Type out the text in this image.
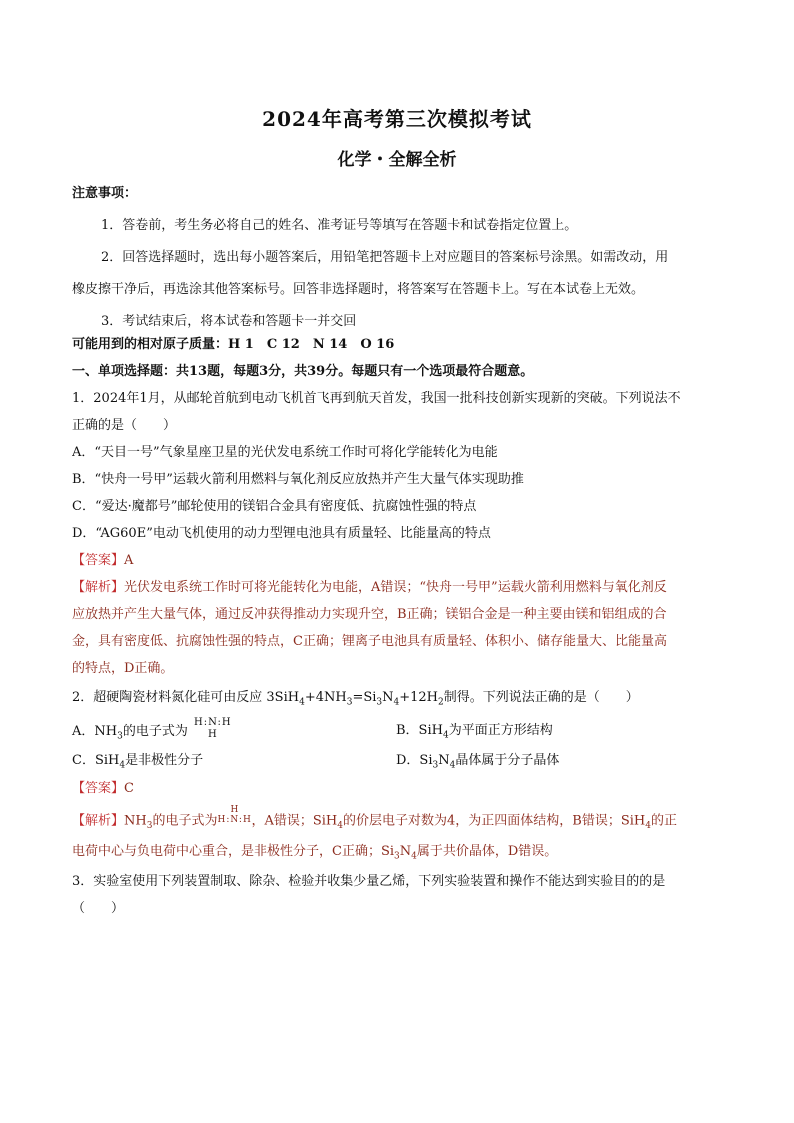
2024年高考第三次模拟考试
化学・全解全析
注意事项：
1．答卷前，考生务必将自己的姓名、准考证号等填写在答题卡和试卷指定位置上。
2．回答选择题时，选出每小题答案后，用铅笔把答题卡上对应题目的答案标号涂黑。如需改动，用
橡皮擦干净后，再选涂其他答案标号。回答非选择题时，将答案写在答题卡上。写在本试卷上无效。
3．考试结束后，将本试卷和答题卡一并交回
可能用到的相对原子质量：H 1　C 12　N 14　O 16
一、单项选择题：共13题，每题3分，共39分。每题只有一个选项最符合题意。
1．2024年1月，从邮轮首航到电动飞机首飞再到航天首发，我国一批科技创新实现新的突破。下列说法不
正确的是（　　）
A．“天目一号”气象星座卫星的光伏发电系统工作时可将化学能转化为电能
B．“快舟一号甲”运载火箭利用燃料与氧化剂反应放热并产生大量气体实现助推
C．“爱达·魔都号”邮轮使用的镁铝合金具有密度低、抗腐蚀性强的特点
D．“AG60E”电动飞机使用的动力型锂电池具有质量轻、比能量高的特点
【答案】A
【解析】光伏发电系统工作时可将光能转化为电能，A错误；“快舟一号甲”运载火箭利用燃料与氧化剂反
应放热并产生大量气体，通过反冲获得推动力实现升空，B正确；镁铝合金是一种主要由镁和铝组成的合
金，具有密度低、抗腐蚀性强的特点，C正确；锂离子电池具有质量轻、体积小、储存能量大、比能量高
的特点，D正确。
2．超硬陶瓷材料氮化硅可由反应 $3SiH_4+4NH_3=Si_3N_4+12H_2$制得。下列说法正确的是（　　）
A．$NH_3$的电子式为
H:N:H
H	B．SiH$_4$为平面正方形结构
C．SiH$_4$是非极性分子	D．$Si_3N_4$晶体属于分子晶体
【答案】C
【解析】$NH_3$的电子式为
H
H:N:H ，A错误；SiH$_4$的价层电子对数为4，为正四面体结构，B错误；SiH$_4$的正
电荷中心与负电荷中心重合，是非极性分子，C正确；$Si_3N_4$属于共价晶体，D错误。
3．实验室使用下列装置制取、除杂、检验并收集少量乙烯，下列实验装置和操作不能达到实验目的的是
（　　）
